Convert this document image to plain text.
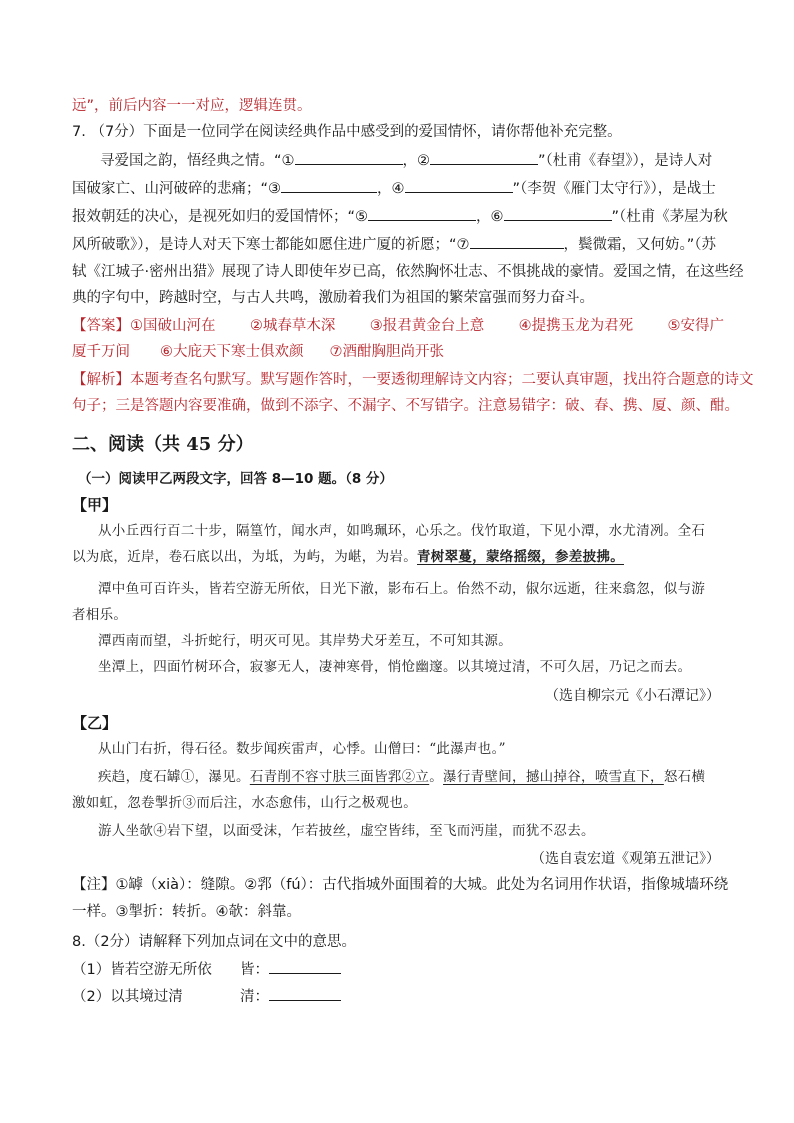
远”，前后内容一一对应，逻辑连贯。
7. （7分）下面是一位同学在阅读经典作品中感受到的爱国情怀，请你帮他补充完整。
寻爱国之韵，悟经典之情。“①	，②	”（杜甫《春望》），是诗人对
国破家亡、山河破碎的悲痛；“③	，④	”（李贺《雁门太守行》），是战士
报效朝廷的决心，是视死如归的爱国情怀；“⑤	，⑥	”（杜甫《茅屋为秋
风所破歌》），是诗人对天下寒士都能如愿住进广厦的祈愿；“⑦	，鬓微霜，又何妨。”（苏
轼《江城子·密州出猎》展现了诗人即使年岁已高，依然胸怀壮志、不惧挑战的豪情。爱国之情，在这些经
典的字句中，跨越时空，与古人共鸣，激励着我们为祖国的繁荣富强而努力奋斗。
【答案】①国破山河在 ②城春草木深 ③报君黄金台上意 ④提携玉龙为君死 ⑤安得广
厦千万间 ⑥大庇天下寒士俱欢颜 ⑦酒酣胸胆尚开张
【解析】本题考查名句默写。默写题作答时，一要透彻理解诗文内容；二要认真审题，找出符合题意的诗文
句子；三是答题内容要准确，做到不添字、不漏字、不写错字。注意易错字：破、春、携、厦、颜、酣。
二、阅读（共 45 分）
（一）阅读甲乙两段文字，回答 8—10 题。（8 分）
【甲】
从小丘西行百二十步，隔篁竹，闻水声，如鸣珮环，心乐之。伐竹取道，下见小潭，水尤清冽。全石
以为底，近岸，卷石底以出，为坻，为屿，为嵁，为岩。青树翠蔓，蒙络摇缀，参差披拂。
潭中鱼可百许头，皆若空游无所依，日光下澈，影布石上。佁然不动，俶尔远逝，往来翕忽，似与游
者相乐。
潭西南而望，斗折蛇行，明灭可见。其岸势犬牙差互，不可知其源。
坐潭上，四面竹树环合，寂寥无人，凄神寒骨，悄怆幽邃。以其境过清，不可久居，乃记之而去。
（选自柳宗元《小石潭记》）
【乙】
从山门右折，得石径。数步闻疾雷声，心悸。山僧曰：“此瀑声也。”
疾趋，度石罅①，瀑见。石青削不容寸肤三面皆郛②立。瀑行青壁间，撼山掉谷，喷雪直下，怒石横
激如虹，忽卷掣折③而后注，水态愈伟，山行之极观也。
游人坐欹④岩下望，以面受沫，乍若披丝，虚空皆纬，至飞而沔崖，而犹不忍去。
（选自袁宏道《观第五泄记》）
【注】①罅（xià）：缝隙。②郛（fú）：古代指城外面围着的大城。此处为名词用作状语，指像城墙环绕
一样。③掣折：转折。④欹：斜靠。
8.（2分）请解释下列加点词在文中的意思。
（1）皆若空游无所依 皆：
（2）以其境过清	清：
